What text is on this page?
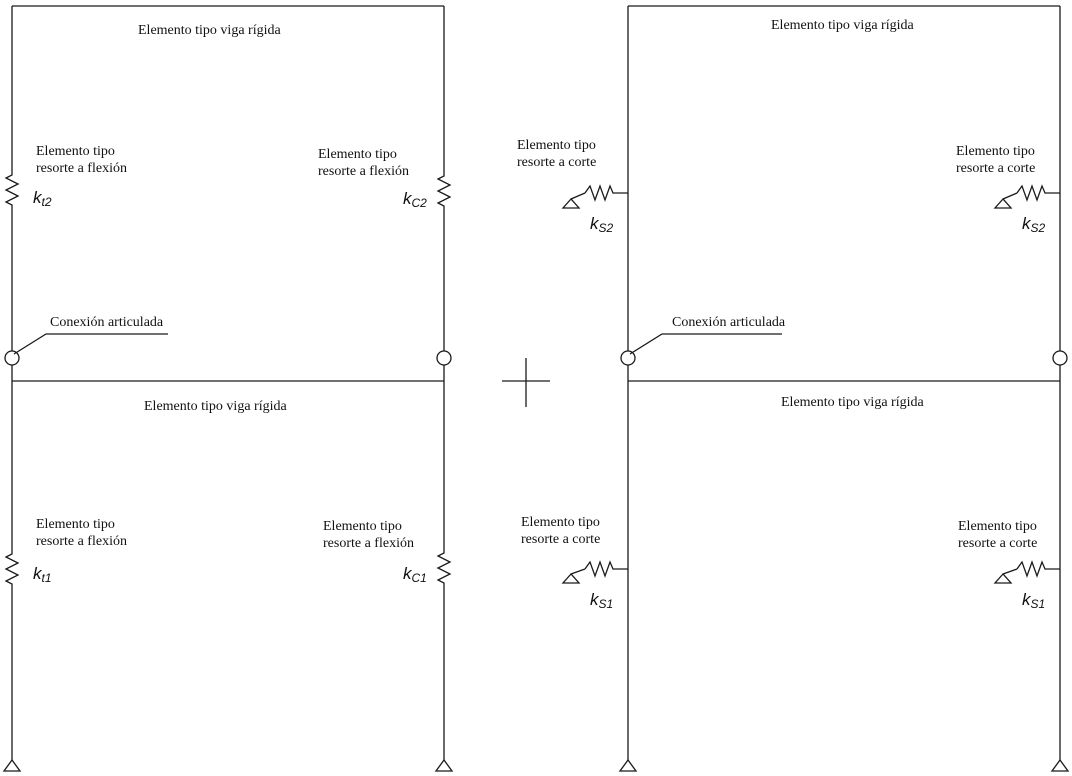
Conexión articulada
Elemento tipo viga rígida
Elemento tipo viga rígida
Elemento tipo
resorte a flexión
kt2
Elemento tipo
resorte a flexión
kC2
Elemento tipo
resorte a flexión
kt1
Elemento tipo
resorte a flexión
kC1
Conexión articulada
Elemento tipo viga rígida
Elemento tipo viga rígida
Elemento tipo
resorte a corte
kS2
Elemento tipo
resorte a corte
kS2
Elemento tipo
resorte a corte
kS1
Elemento tipo
resorte a corte
kS1
